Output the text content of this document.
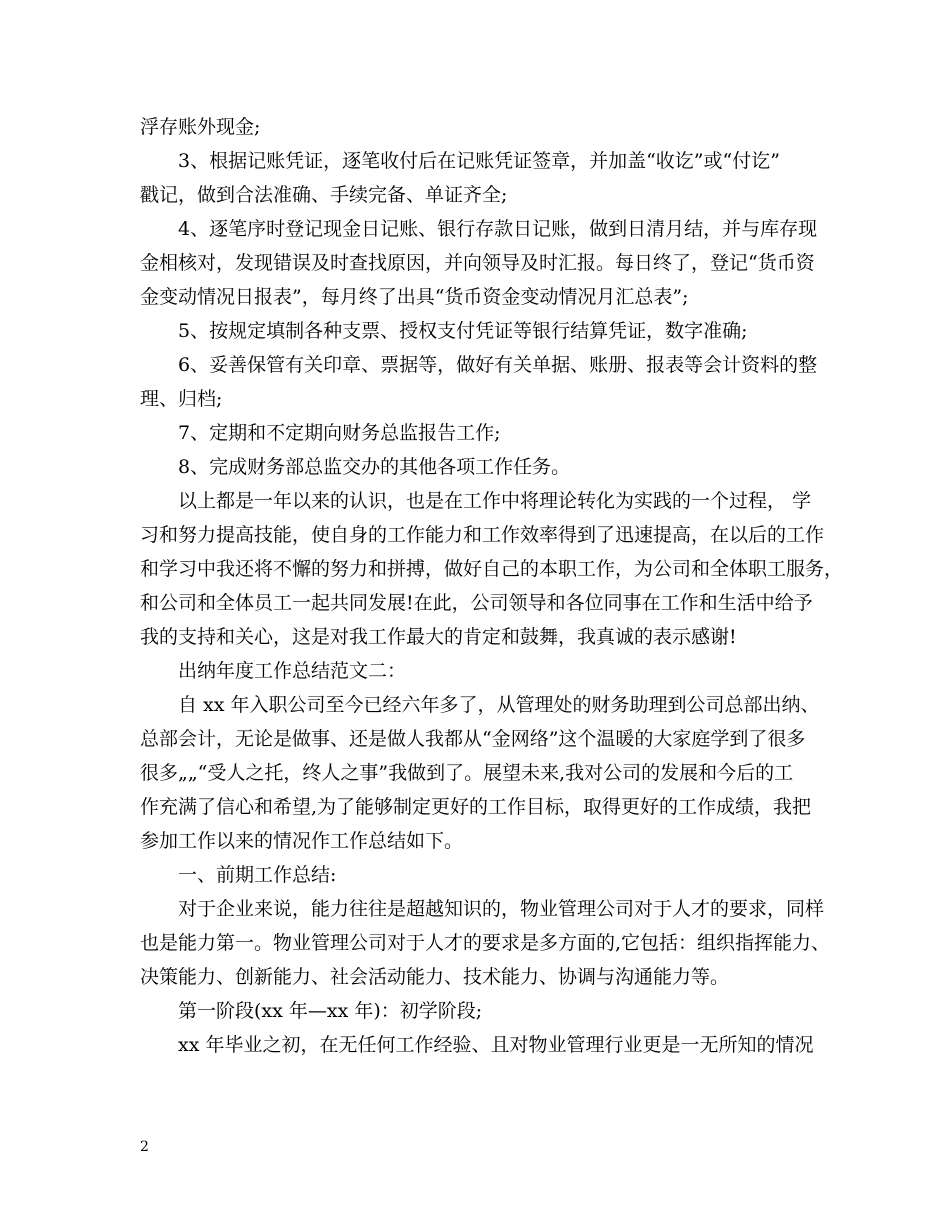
浮存账外现金;
3、根据记账凭证，逐笔收付后在记账凭证签章，并加盖“收讫”或“付讫”
戳记，做到合法准确、手续完备、单证齐全;
4、逐笔序时登记现金日记账、银行存款日记账，做到日清月结，并与库存现
金相核对，发现错误及时查找原因，并向领导及时汇报。每日终了，登记“货币资
金变动情况日报表”，每月终了出具“货币资金变动情况月汇总表”;
5、按规定填制各种支票、授权支付凭证等银行结算凭证，数字准确;
6、妥善保管有关印章、票据等，做好有关单据、账册、报表等会计资料的整
理、归档;
7、定期和不定期向财务总监报告工作;
8、完成财务部总监交办的其他各项工作任务。
以上都是一年以来的认识，也是在工作中将理论转化为实践的一个过程， 学
习和努力提高技能，使自身的工作能力和工作效率得到了迅速提高，在以后的工作
和学习中我还将不懈的努力和拼搏，做好自己的本职工作，为公司和全体职工服务，
和公司和全体员工一起共同发展!在此，公司领导和各位同事在工作和生活中给予
我的支持和关心，这是对我工作最大的肯定和鼓舞，我真诚的表示感谢!
出纳年度工作总结范文二：
自 xx 年入职公司至今已经六年多了，从管理处的财务助理到公司总部出纳、
总部会计，无论是做事、还是做人我都从“金网络”这个温暖的大家庭学到了很多
很多„„“受人之托，终人之事”我做到了。展望未来,我对公司的发展和今后的工
作充满了信心和希望,为了能够制定更好的工作目标，取得更好的工作成绩，我把
参加工作以来的情况作工作总结如下。
一、前期工作总结:
对于企业来说，能力往往是超越知识的，物业管理公司对于人才的要求，同样
也是能力第一。物业管理公司对于人才的要求是多方面的,它包括：组织指挥能力、
决策能力、创新能力、社会活动能力、技术能力、协调与沟通能力等。
第一阶段(xx 年—xx 年)：初学阶段;
xx 年毕业之初，在无任何工作经验、且对物业管理行业更是一无所知的情况
2
